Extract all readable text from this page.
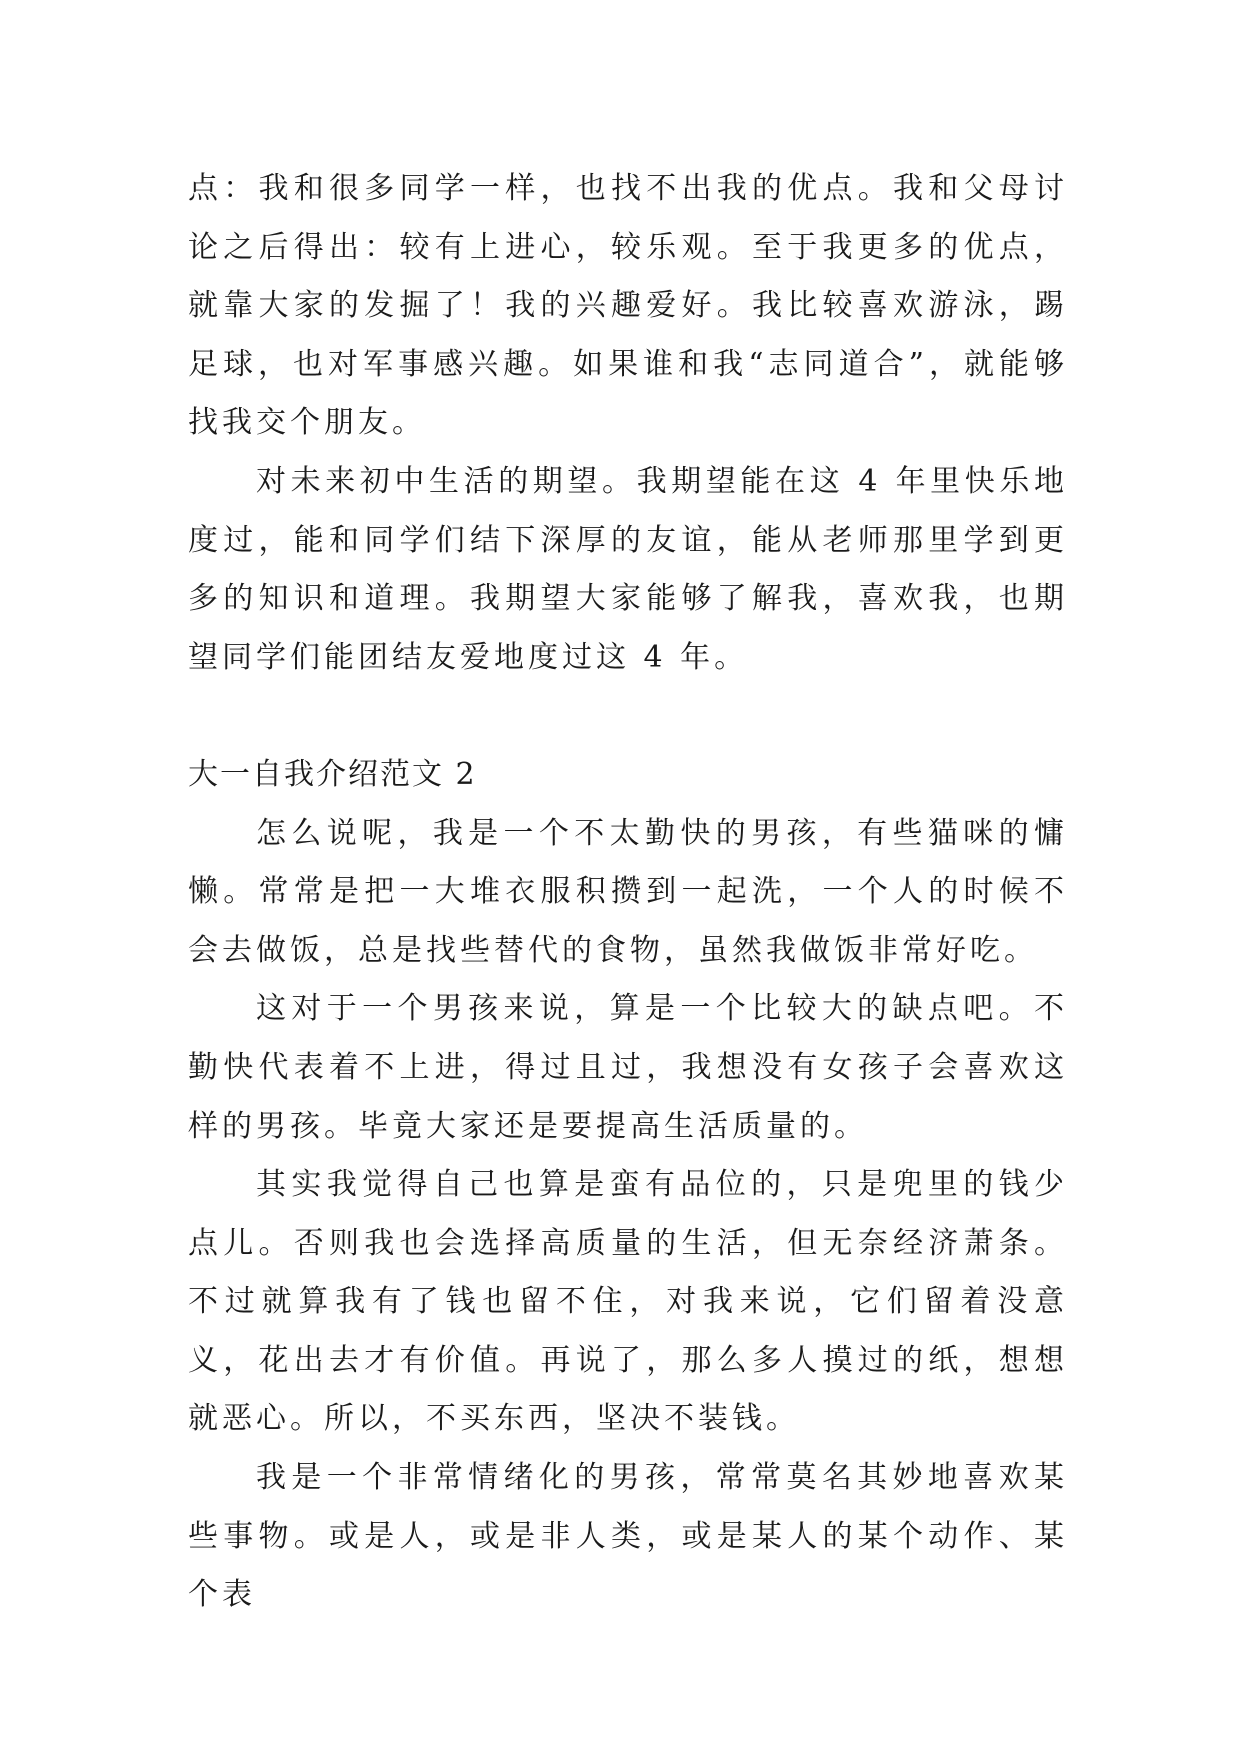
点：我和很多同学一样，也找不出我的优点。我和父母讨论之后得出：较有上进心，较乐观。至于我更多的优点，就靠大家的发掘了！我的兴趣爱好。我比较喜欢游泳，踢足球，也对军事感兴趣。如果谁和我“志同道合”，就能够找我交个朋友。

对未来初中生活的期望。我期望能在这 4 年里快乐地度过，能和同学们结下深厚的友谊，能从老师那里学到更多的知识和道理。我期望大家能够了解我，喜欢我，也期望同学们能团结友爱地度过这 4 年。

大一自我介绍范文 2

怎么说呢，我是一个不太勤快的男孩，有些猫咪的慵懒。常常是把一大堆衣服积攒到一起洗，一个人的时候不会去做饭，总是找些替代的食物，虽然我做饭非常好吃。

这对于一个男孩来说，算是一个比较大的缺点吧。不勤快代表着不上进，得过且过，我想没有女孩子会喜欢这样的男孩。毕竟大家还是要提高生活质量的。

其实我觉得自己也算是蛮有品位的，只是兜里的钱少点儿。否则我也会选择高质量的生活，但无奈经济萧条。不过就算我有了钱也留不住，对我来说，它们留着没意义，花出去才有价值。再说了，那么多人摸过的纸，想想就恶心。所以，不买东西，坚决不装钱。

我是一个非常情绪化的男孩，常常莫名其妙地喜欢某些事物。或是人，或是非人类，或是某人的某个动作、某个表
